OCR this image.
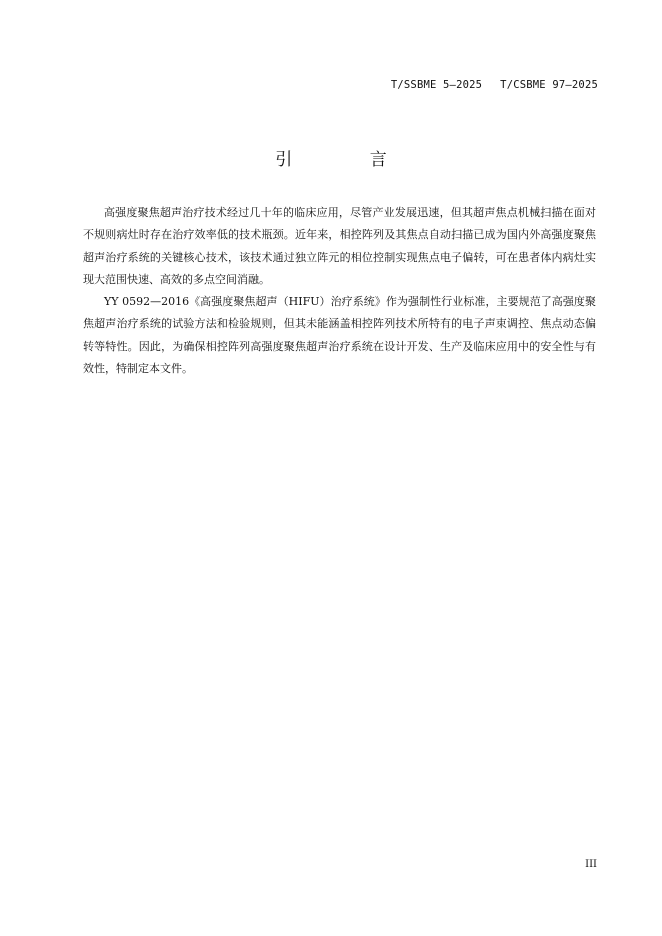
T/SSBME 5—2025 T/CSBME 97—2025
引 言

高强度聚焦超声治疗技术经过几十年的临床应用，尽管产业发展迅速，但其超声焦点机械扫描在面对不规则病灶时存在治疗效率低的技术瓶颈。近年来，相控阵列及其焦点自动扫描已成为国内外高强度聚焦超声治疗系统的关键核心技术，该技术通过独立阵元的相位控制实现焦点电子偏转，可在患者体内病灶实现大范围快速、高效的多点空间消融。

YY 0592—2016《高强度聚焦超声（HIFU）治疗系统》作为强制性行业标准，主要规范了高强度聚焦超声治疗系统的试验方法和检验规则，但其未能涵盖相控阵列技术所特有的电子声束调控、焦点动态偏转等特性。因此，为确保相控阵列高强度聚焦超声治疗系统在设计开发、生产及临床应用中的安全性与有效性，特制定本文件。

III
